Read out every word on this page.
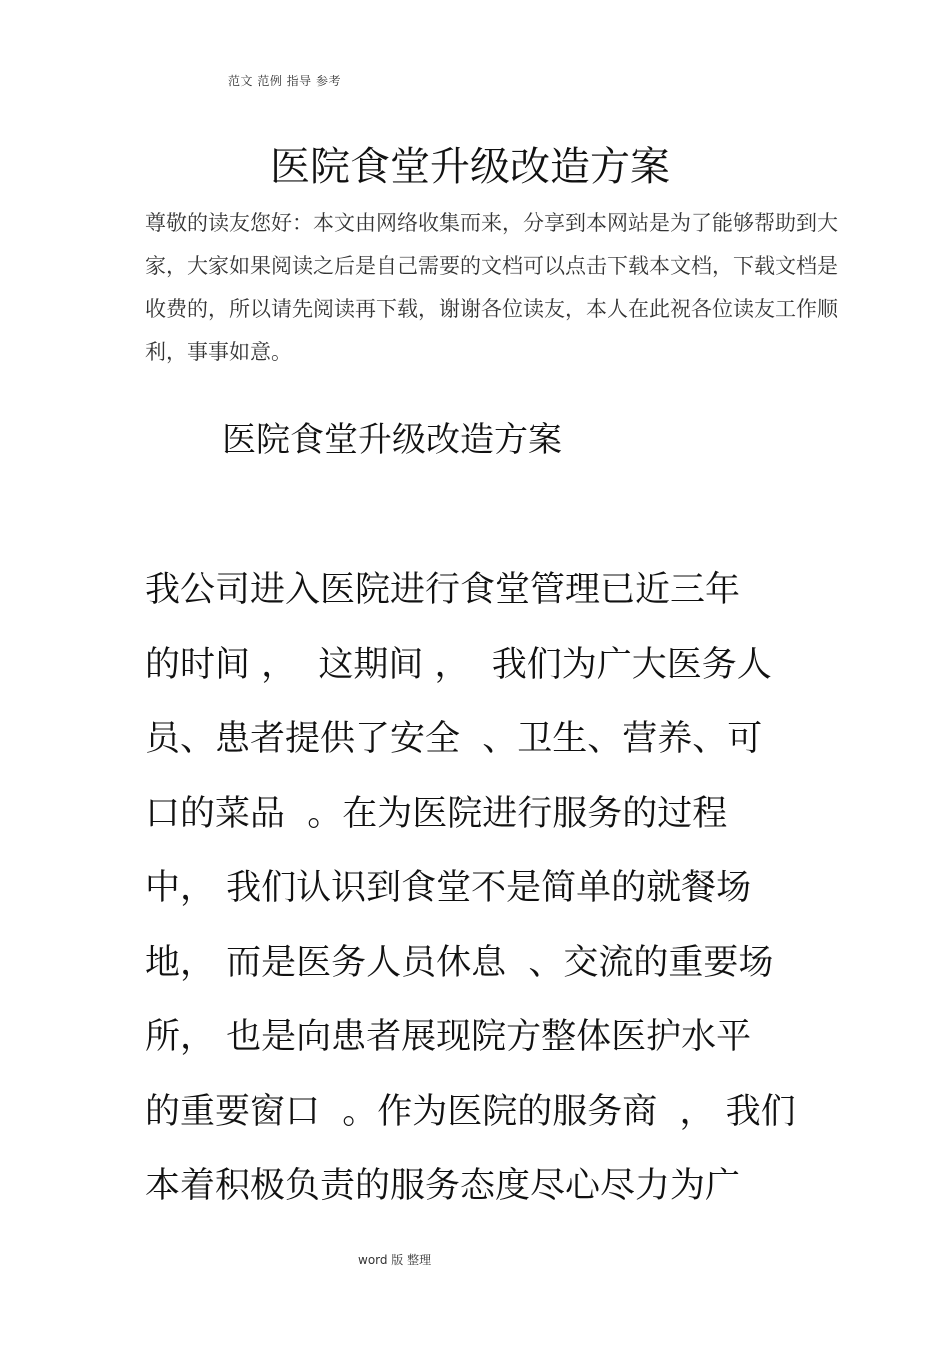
范文 范例 指导 参考
医院食堂升级改造方案
尊敬的读友您好：本文由网络收集而来，分享到本网站是为了能够帮助到大
家，大家如果阅读之后是自己需要的文档可以点击下载本文档，下载文档是
收费的，所以请先阅读再下载，谢谢各位读友，本人在此祝各位读友工作顺
利，事事如意。
医院食堂升级改造方案
我公司进入医院进行食堂管理已近三年
的时间 ，  这期间 ，  我们为广大医务人
员、患者提供了安全  、卫生、营养、可
口的菜品  。在为医院进行服务的过程
中， 我们认识到食堂不是简单的就餐场
地， 而是医务人员休息  、交流的重要场
所， 也是向患者展现院方整体医护水平
的重要窗口  。作为医院的服务商  ， 我们
本着积极负责的服务态度尽心尽力为广
word 版 整理
